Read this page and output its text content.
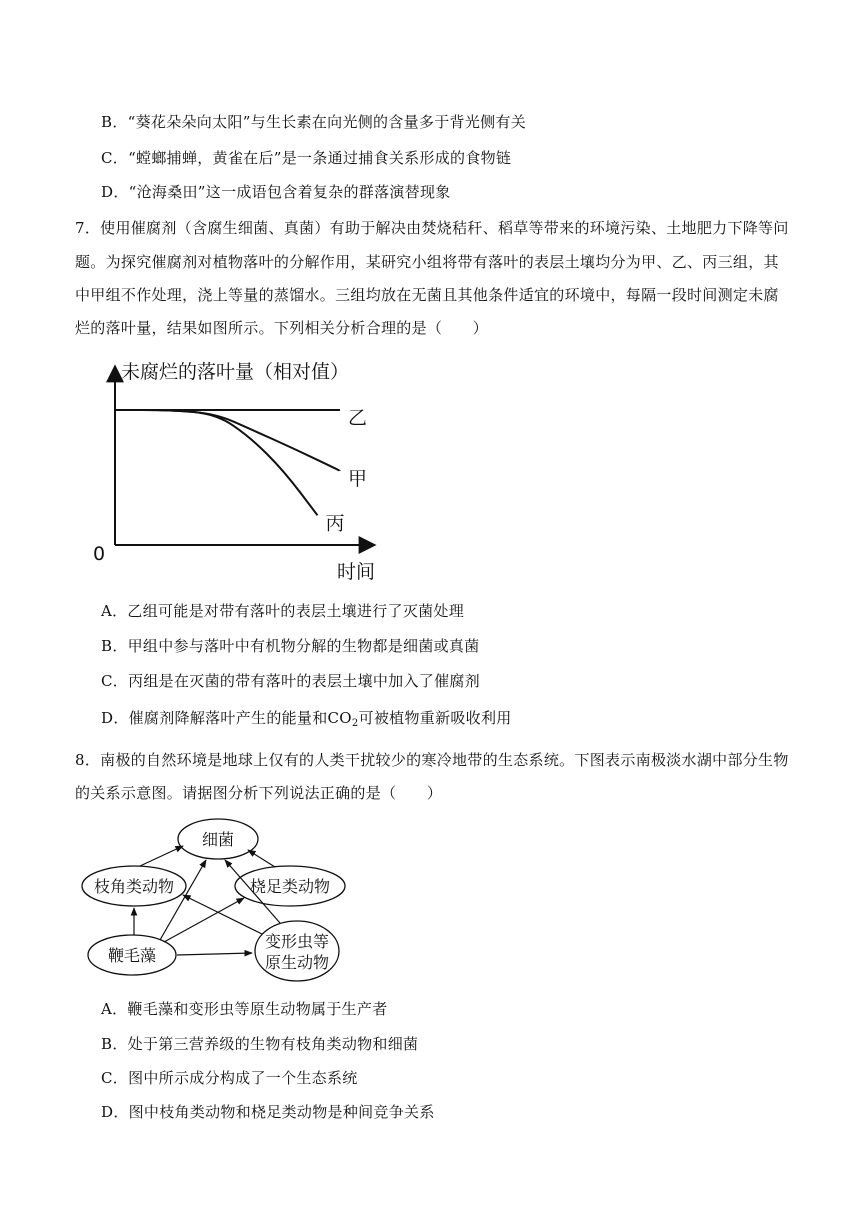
B．“葵花朵朵向太阳”与生长素在向光侧的含量多于背光侧有关
C．“螳螂捕蝉，黄雀在后”是一条通过捕食关系形成的食物链
D．“沧海桑田”这一成语包含着复杂的群落演替现象
7．使用催腐剂（含腐生细菌、真菌）有助于解决由焚烧秸秆、稻草等带来的环境污染、土地肥力下降等问
题。为探究催腐剂对植物落叶的分解作用，某研究小组将带有落叶的表层土壤均分为甲、乙、丙三组，其
中甲组不作处理，浇上等量的蒸馏水。三组均放在无菌且其他条件适宜的环境中，每隔一段时间测定未腐
烂的落叶量，结果如图所示。下列相关分析合理的是（　　）
未腐烂的落叶量（相对值）
时间
0
乙
甲
丙
A．乙组可能是对带有落叶的表层土壤进行了灭菌处理
B．甲组中参与落叶中有机物分解的生物都是细菌或真菌
C．丙组是在灭菌的带有落叶的表层土壤中加入了催腐剂
D．催腐剂降解落叶产生的能量和$CO_2$可被植物重新吸收利用
8．南极的自然环境是地球上仅有的人类干扰较少的寒冷地带的生态系统。下图表示南极淡水湖中部分生物
的关系示意图。请据图分析下列说法正确的是（　　）
细菌
枝角类动物	桡足类动物
鞭毛藻
变形虫等
原生动物
A．鞭毛藻和变形虫等原生动物属于生产者
B．处于第三营养级的生物有枝角类动物和细菌
C．图中所示成分构成了一个生态系统
D．图中枝角类动物和桡足类动物是种间竞争关系
